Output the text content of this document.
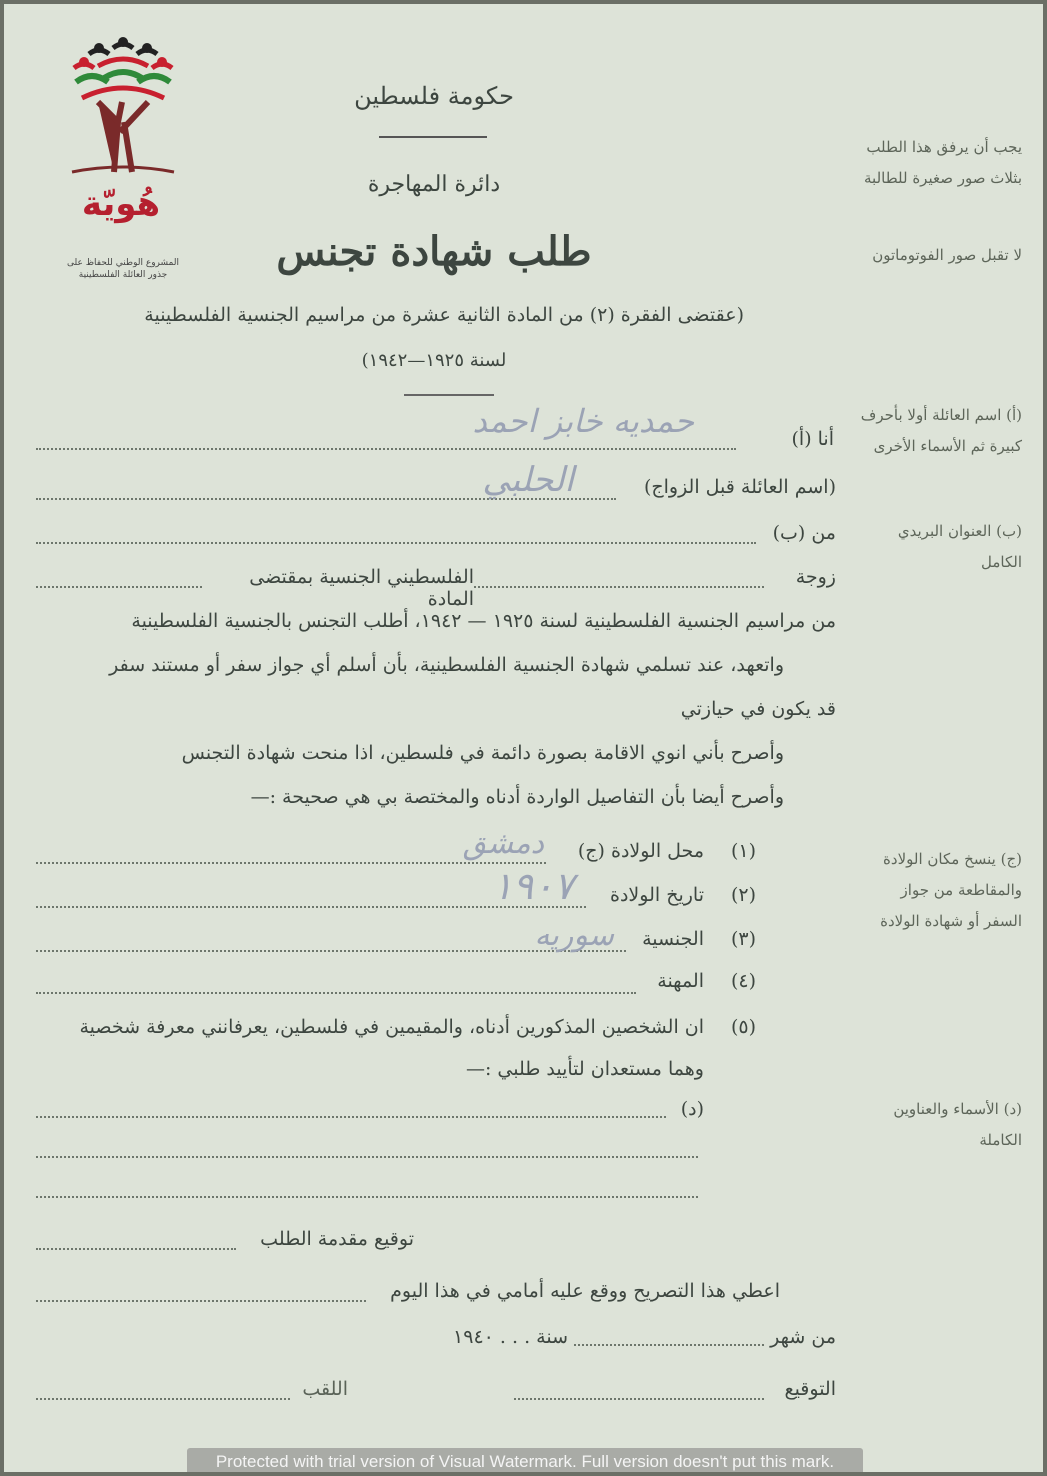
هُويّة
المشروع الوطني للحفاظ على
جذور العائلة الفلسطينية
حكومة فلسطين
دائرة المهاجرة
طلب شهادة تجنس
(عقتضى الفقرة (٢) من المادة الثانية عشرة من مراسيم الجنسية الفلسطينية
لسنة ١٩٢٥—١٩٤٢)
يجب أن يرفق هذا الطلب بثلاث صور صغيرة للطالبة
لا تقبل صور الفوتوماتون
(أ) اسم العائلة أولا بأحرف كبيرة ثم الأسماء الأخرى
(ب) العنوان البريدي الكامل
(ج) ينسخ مكان الولادة والمقاطعة من جواز السفر أو شهادة الولادة
(د) الأسماء والعناوين الكاملة
أنا (أ)
حمديه خابز احمد
(اسم العائلة قبل الزواج)
الحلبي
من (ب)
زوجة
الفلسطيني الجنسية بمقتضى المادة
من مراسيم الجنسية الفلسطينية لسنة ١٩٢٥ — ١٩٤٢، أطلب التجنس بالجنسية الفلسطينية
واتعهد، عند تسلمي شهادة الجنسية الفلسطينية، بأن أسلم أي جواز سفر أو مستند سفر
قد يكون في حيازتي
وأصرح بأني انوي الاقامة بصورة دائمة في فلسطين، اذا منحت شهادة التجنس
وأصرح أيضا بأن التفاصيل الواردة أدناه والمختصة بي هي صحيحة :—
(١)
محل الولادة (ج)
دمشق
(٢)
تاريخ الولادة
١٩٠٧
(٣)
الجنسية
سوريه
(٤)
المهنة
(٥)
ان الشخصين المذكورين أدناه، والمقيمين في فلسطين، يعرفانني معرفة شخصية
وهما مستعدان لتأييد طلبي :—
(د)
توقيع مقدمة الطلب
اعطي هذا التصريح ووقع عليه أمامي في هذا اليوم
من شهر
سنة . . . ١٩٤٠
التوقيع
اللقب
Protected with trial version of Visual Watermark. Full version doesn't put this mark.
